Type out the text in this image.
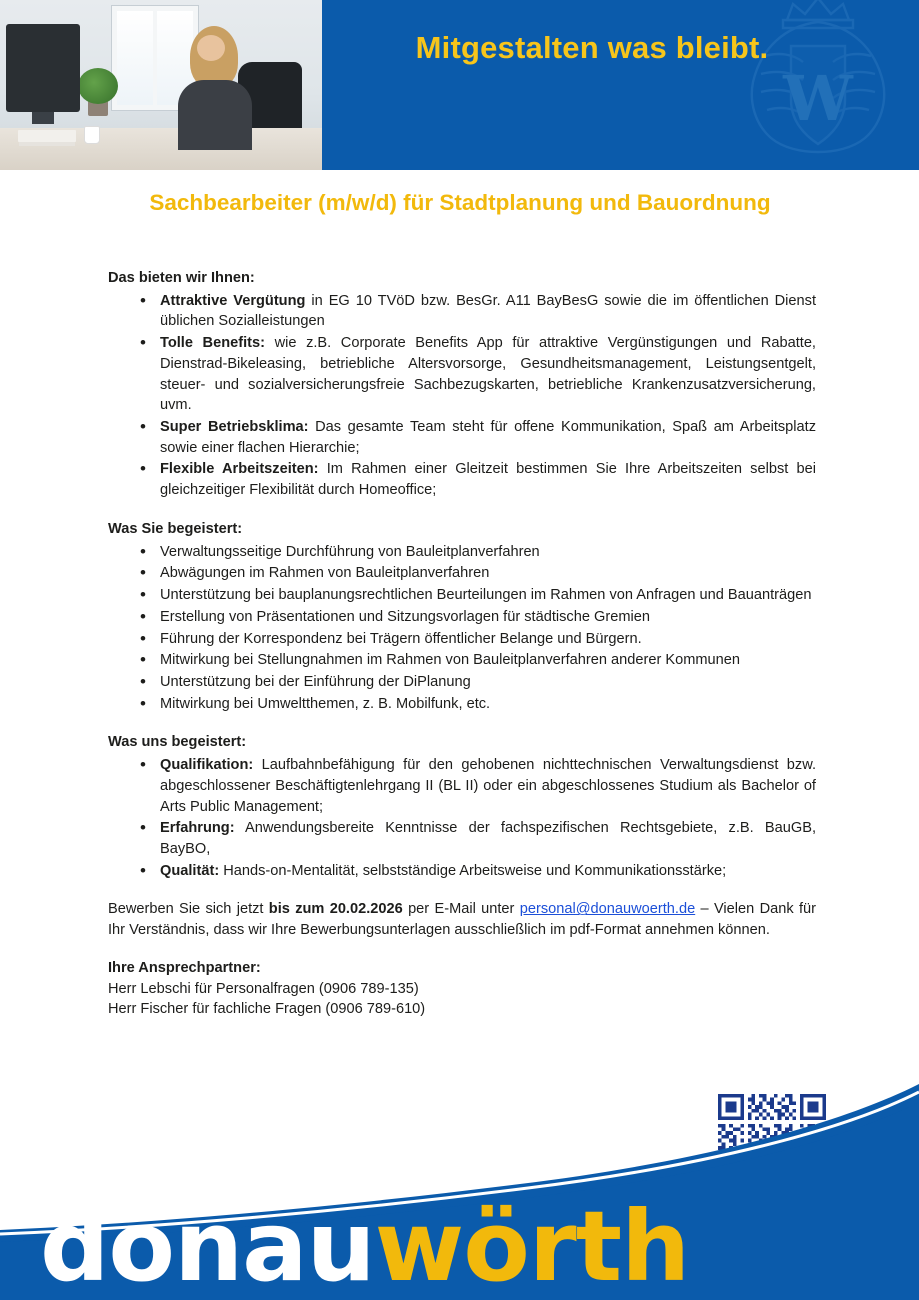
W
Mitgestalten was bleibt.
Sachbearbeiter (m/w/d) für Stadtplanung und Bauordnung
Das bieten wir Ihnen:
• Attraktive Vergütung in EG 10 TVöD bzw. BesGr. A11 BayBesG sowie die im öffentlichen Dienst üblichen Sozialleistungen
• Tolle Benefits: wie z.B. Corporate Benefits App für attraktive Vergünstigungen und Rabatte, Dienstrad-Bikeleasing, betriebliche Altersvorsorge, Gesundheitsmanagement, Leistungsentgelt, steuer- und sozialversicherungsfreie Sachbezugskarten, betriebliche Krankenzusatzversicherung, uvm.
• Super Betriebsklima: Das gesamte Team steht für offene Kommunikation, Spaß am Arbeitsplatz sowie einer flachen Hierarchie;
• Flexible Arbeitszeiten: Im Rahmen einer Gleitzeit bestimmen Sie Ihre Arbeitszeiten selbst bei gleichzeitiger Flexibilität durch Homeoffice;
Was Sie begeistert:
• Verwaltungsseitige Durchführung von Bauleitplanverfahren
• Abwägungen im Rahmen von Bauleitplanverfahren
• Unterstützung bei bauplanungsrechtlichen Beurteilungen im Rahmen von Anfragen und Bauanträgen
• Erstellung von Präsentationen und Sitzungsvorlagen für städtische Gremien
• Führung der Korrespondenz bei Trägern öffentlicher Belange und Bürgern.
• Mitwirkung bei Stellungnahmen im Rahmen von Bauleitplanverfahren anderer Kommunen
• Unterstützung bei der Einführung der DiPlanung
• Mitwirkung bei Umweltthemen, z. B. Mobilfunk, etc.
Was uns begeistert:
• Qualifikation: Laufbahnbefähigung für den gehobenen nichttechnischen Verwaltungsdienst bzw. abgeschlossener Beschäftigtenlehrgang II (BL II) oder ein abgeschlossenes Studium als Bachelor of Arts Public Management;
• Erfahrung: Anwendungsbereite Kenntnisse der fachspezifischen Rechtsgebiete, z.B. BauGB, BayBO,
• Qualität: Hands-on-Mentalität, selbstständige Arbeitsweise und Kommunikationsstärke;
Bewerben Sie sich jetzt bis zum 20.02.2026 per E-Mail unter personal@donauwoerth.de – Vielen Dank für Ihr Verständnis, dass wir Ihre Bewerbungsunterlagen ausschließlich im pdf-Format annehmen können.
Ihre Ansprechpartner:
Herr Lebschi für Personalfragen (0906 789-135)
Herr Fischer für fachliche Fragen (0906 789-610)
donauwörth
